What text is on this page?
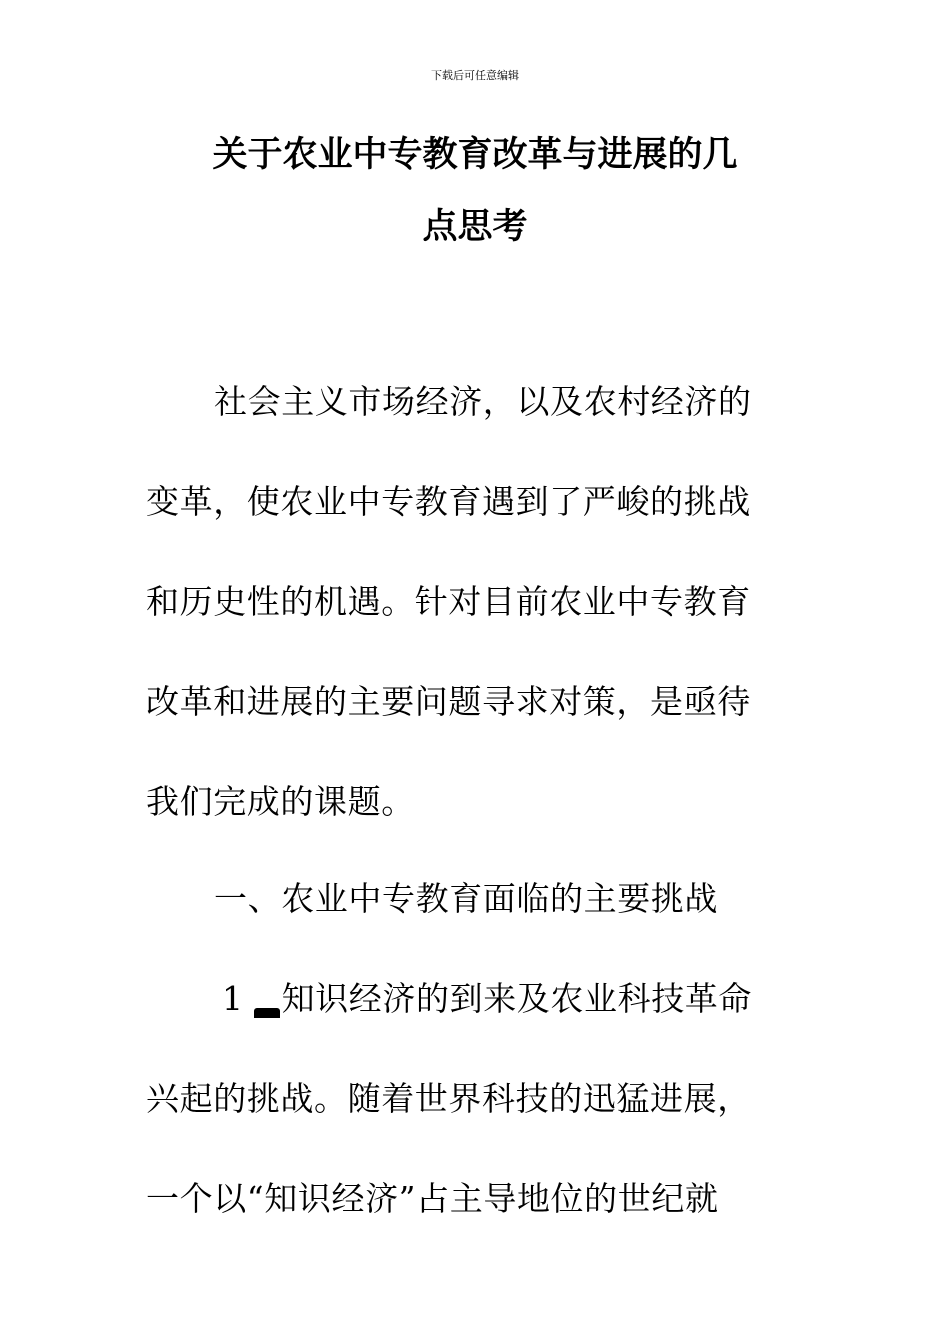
下载后可任意编辑
关于农业中专教育改革与进展的几
点思考
社会主义市场经济，以及农村经济的
变革，使农业中专教育遇到了严峻的挑战
和历史性的机遇。针对目前农业中专教育
改革和进展的主要问题寻求对策，是亟待
我们完成的课题。
一、农业中专教育面临的主要挑战
1 知识经济的到来及农业科技革命
兴起的挑战。随着世界科技的迅猛进展，
一个以“知识经济”占主导地位的世纪就
